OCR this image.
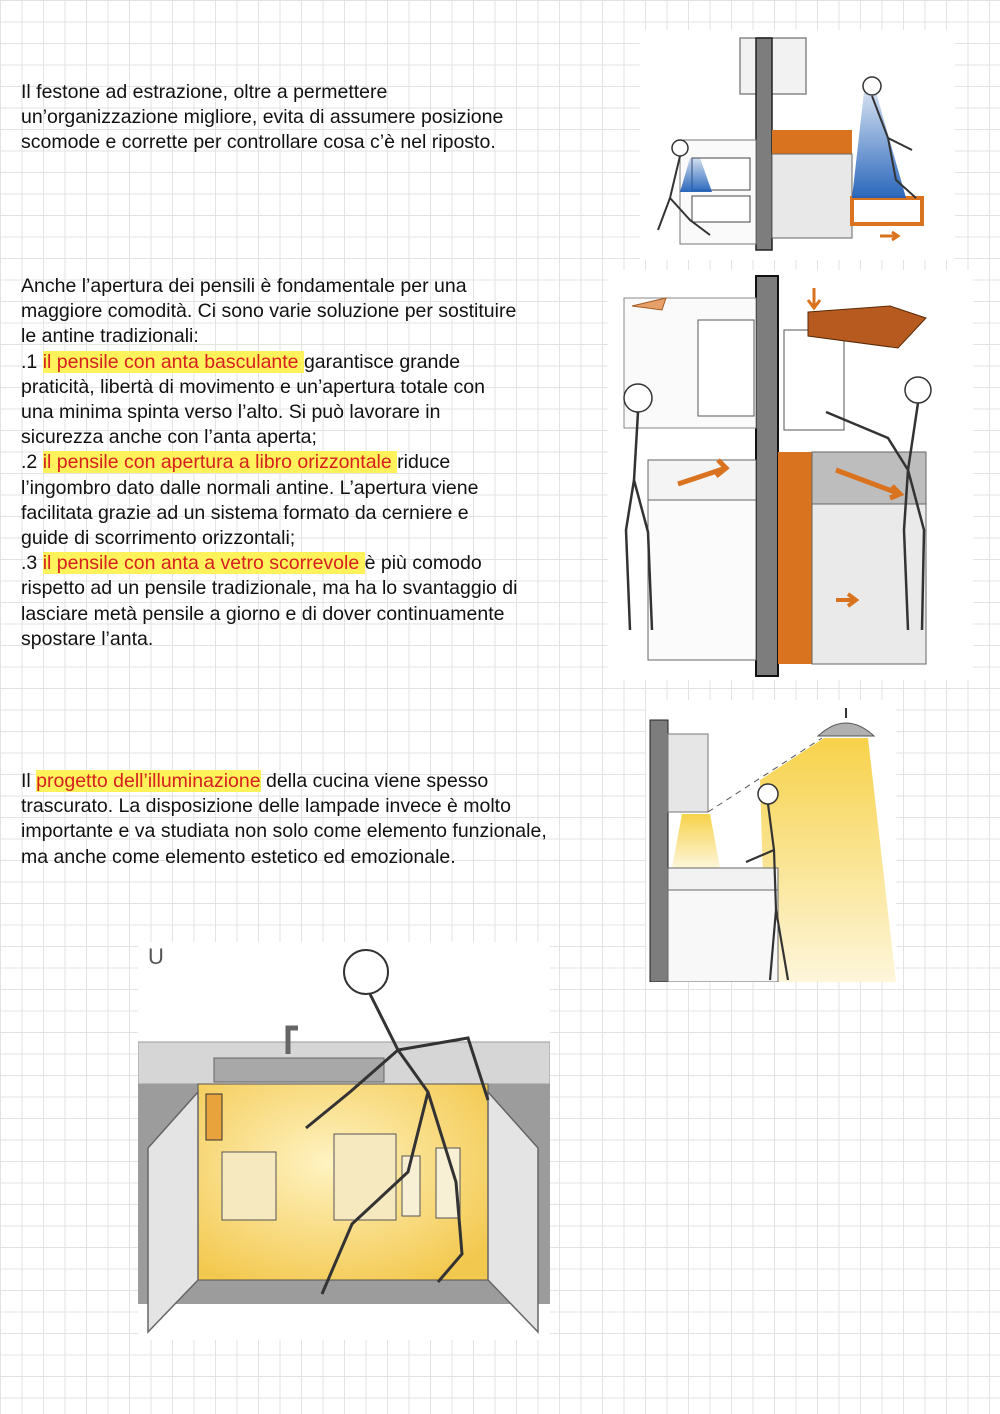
Il festone ad estrazione, oltre a permettere
un’organizzazione migliore, evita di assumere posizione
scomode e corrette per controllare cosa c’è nel riposto.

Anche l’apertura dei pensili è fondamentale per una
maggiore comodità. Ci sono varie soluzione per sostituire
le antine tradizionali:
.1 il pensile con anta basculante garantisce grande
praticità, libertà di movimento e un’apertura totale con
una minima spinta verso l’alto. Si può lavorare in
sicurezza anche con l’anta aperta;
.2 il pensile con apertura a libro orizzontale riduce
l’ingombro dato dalle normali antine. L’apertura viene
facilitata grazie ad un sistema formato da cerniere e
guide di scorrimento orizzontali;
.3 il pensile con anta a vetro scorrevole è più comodo
rispetto ad un pensile tradizionale, ma ha lo svantaggio di
lasciare metà pensile a giorno e di dover continuamente
spostare l’anta.

Il progetto dell’illuminazione della cucina viene spesso
trascurato. La disposizione delle lampade invece è molto
importante e va studiata non solo come elemento funzionale,
ma anche come elemento estetico ed emozionale.

U
